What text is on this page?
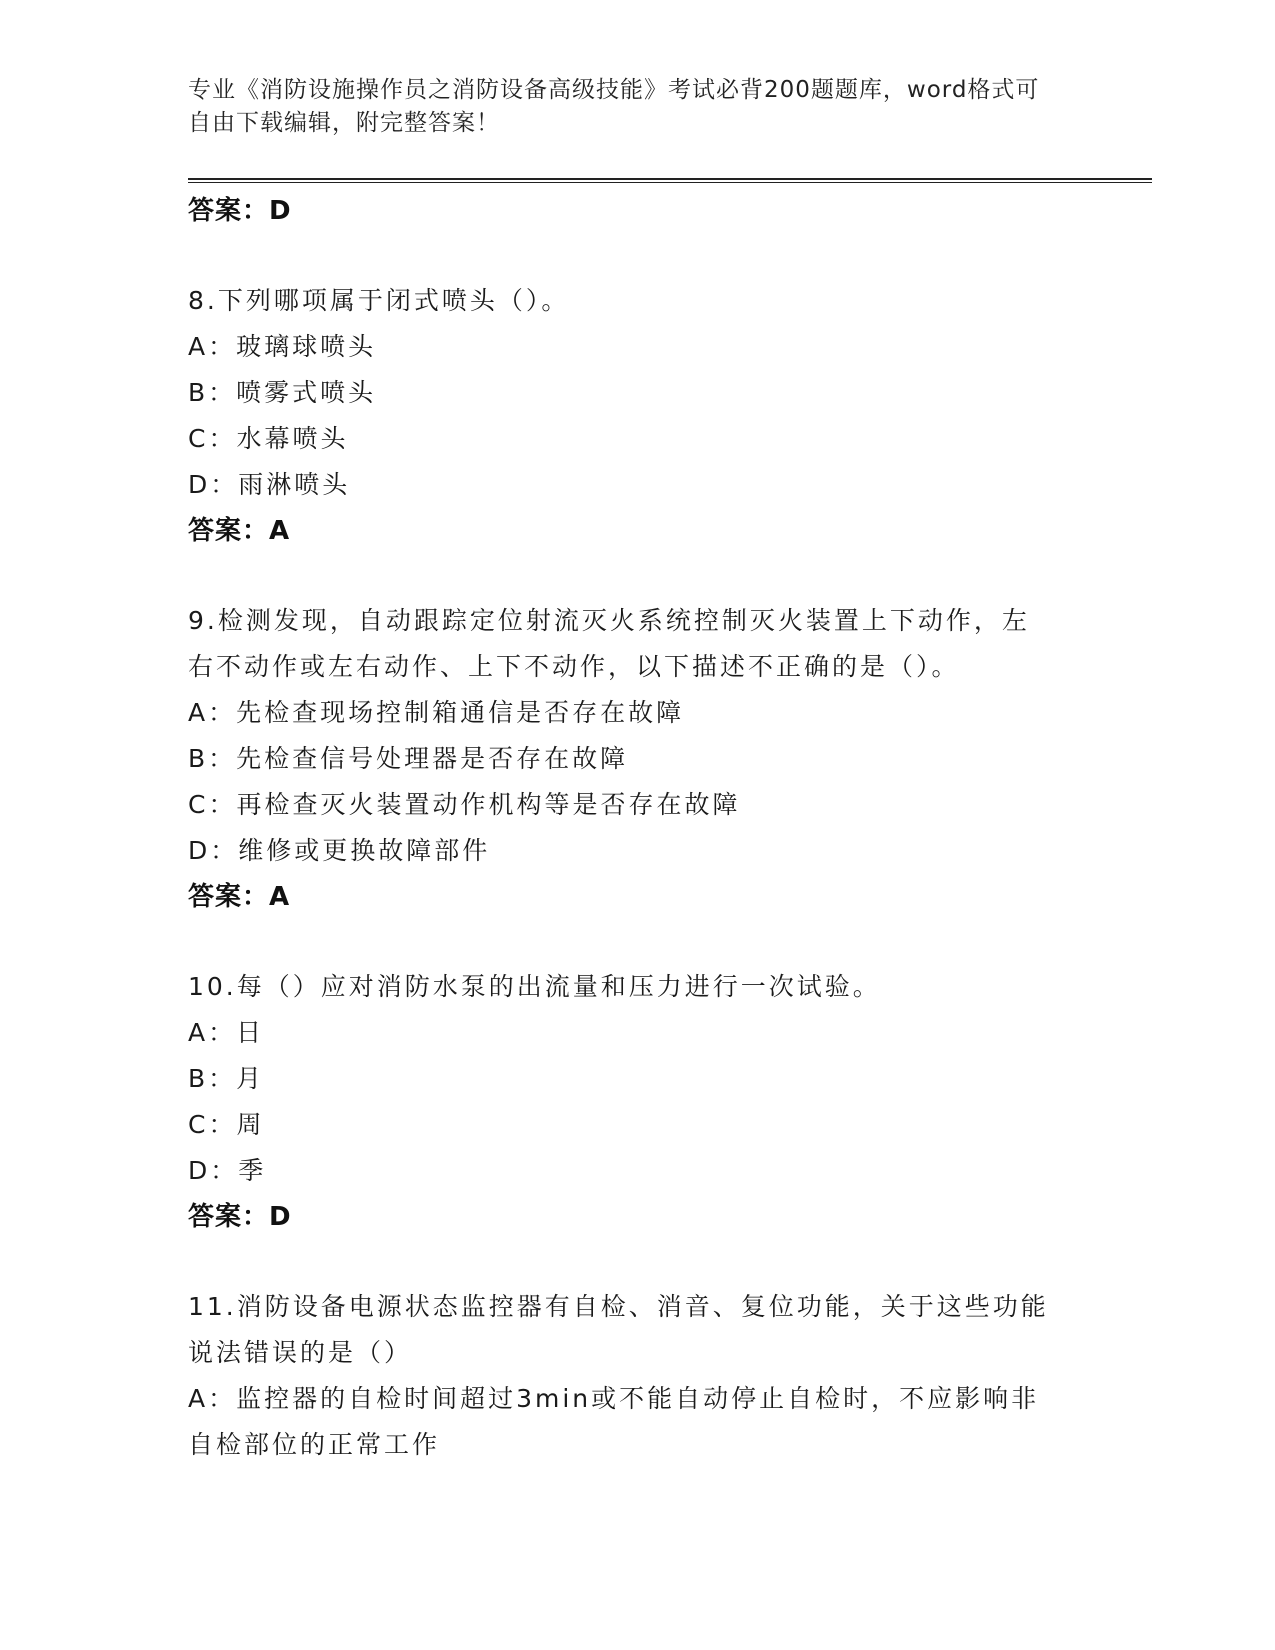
专业《消防设施操作员之消防设备高级技能》考试必背200题题库，word格式可
自由下载编辑，附完整答案！

答案：D

8.下列哪项属于闭式喷头（）。

A：玻璃球喷头

B：喷雾式喷头

C：水幕喷头

D：雨淋喷头

答案：A

9.检测发现，自动跟踪定位射流灭火系统控制灭火装置上下动作，左

右不动作或左右动作、上下不动作，以下描述不正确的是（）。

A：先检查现场控制箱通信是否存在故障

B：先检查信号处理器是否存在故障

C：再检查灭火装置动作机构等是否存在故障

D：维修或更换故障部件

答案：A

10.每（）应对消防水泵的出流量和压力进行一次试验。

A：日

B：月

C：周

D：季

答案：D

11.消防设备电源状态监控器有自检、消音、复位功能，关于这些功能

说法错误的是（）

A：监控器的自检时间超过3min或不能自动停止自检时，不应影响非

自检部位的正常工作
